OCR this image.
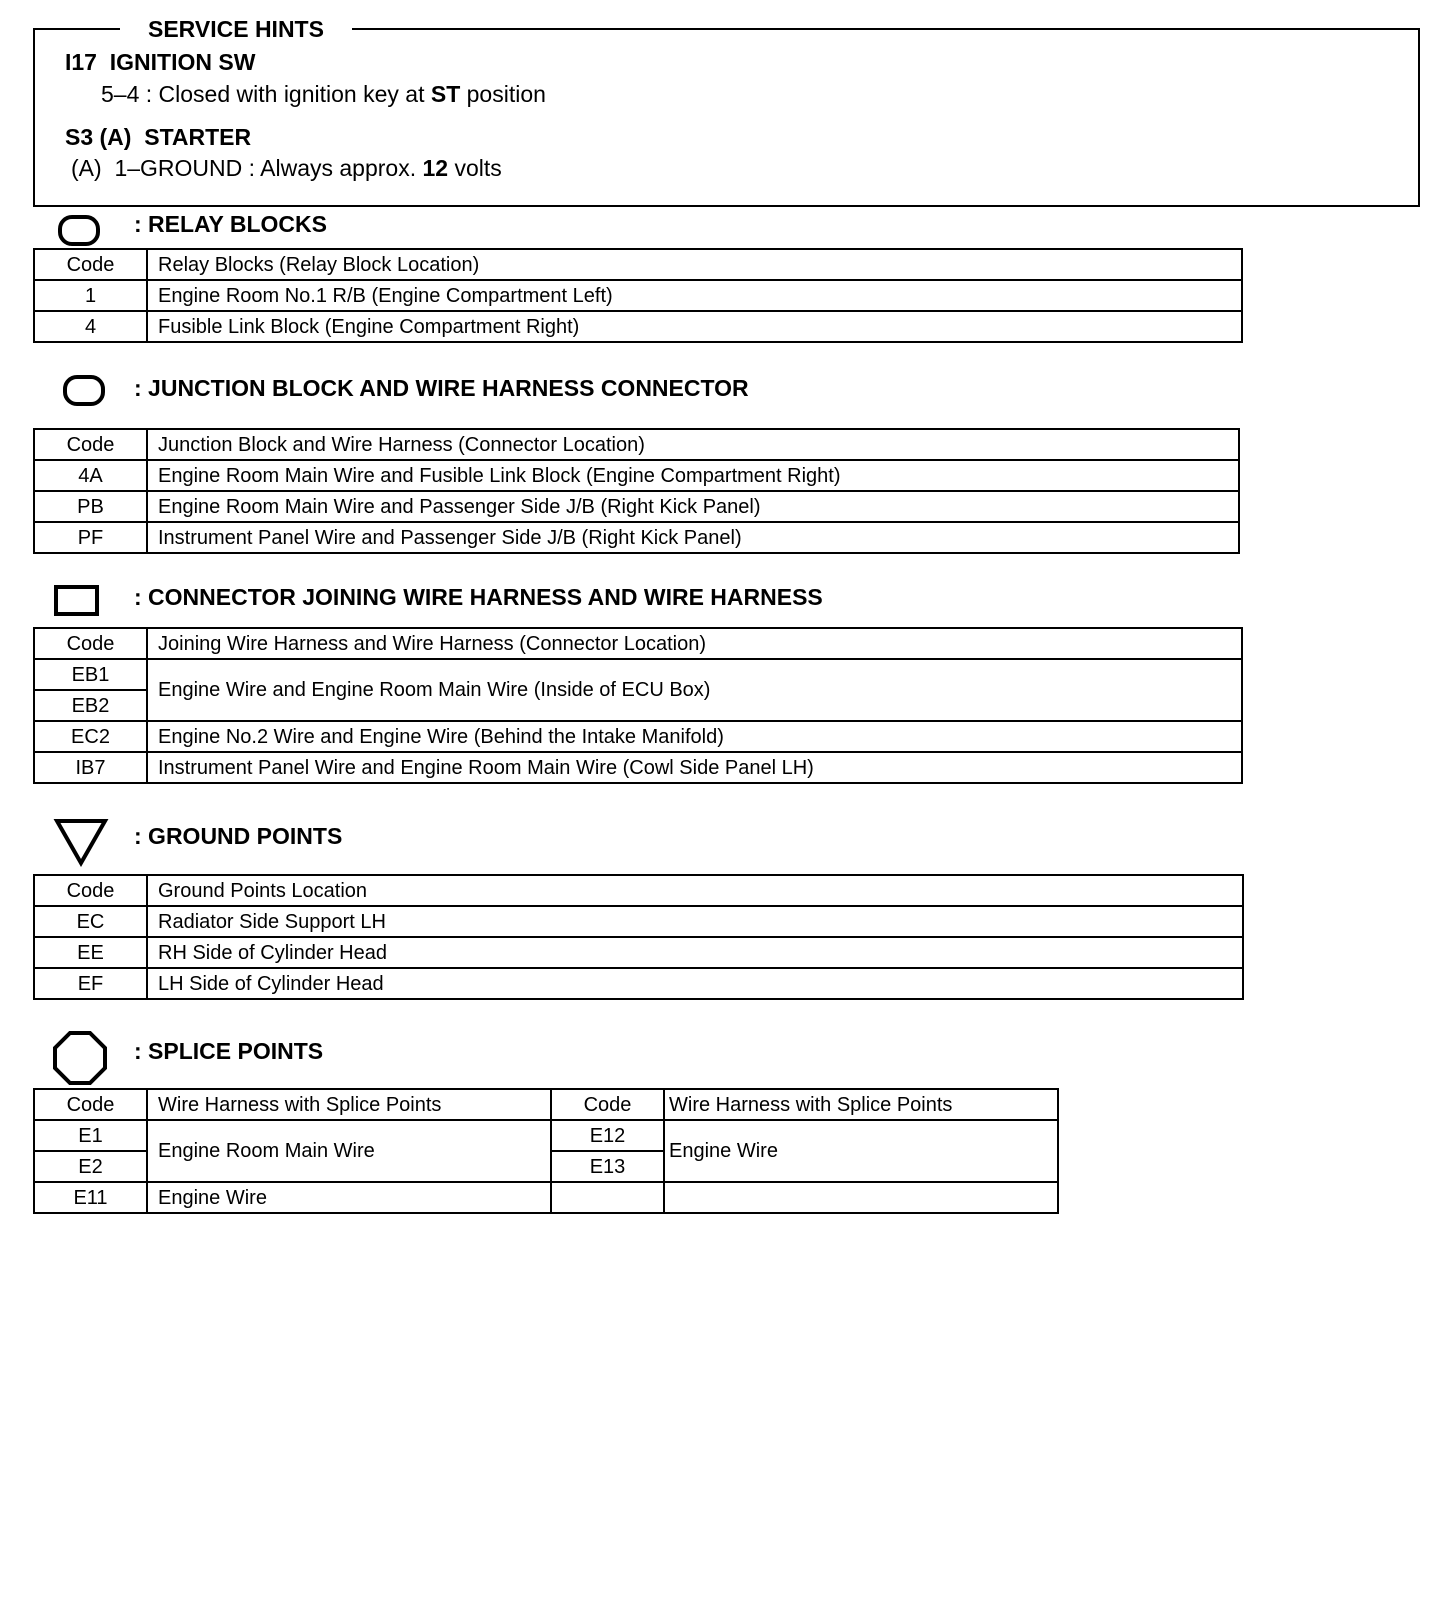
SERVICE HINTS
I17  IGNITION SW
5–4 : Closed with ignition key at ST position
S3 (A)  STARTER
(A)  1–GROUND : Always approx. 12 volts
: RELAY BLOCKS
Code	Relay Blocks (Relay Block Location)
1	Engine Room No.1 R/B (Engine Compartment Left)
4	Fusible Link Block (Engine Compartment Right)
: JUNCTION BLOCK AND WIRE HARNESS CONNECTOR
Code	Junction Block and Wire Harness (Connector Location)
4A	Engine Room Main Wire and Fusible Link Block (Engine Compartment Right)
PB	Engine Room Main Wire and Passenger Side J/B (Right Kick Panel)
PF	Instrument Panel Wire and Passenger Side J/B (Right Kick Panel)
: CONNECTOR JOINING WIRE HARNESS AND WIRE HARNESS
Code	Joining Wire Harness and Wire Harness (Connector Location)
EB1	Engine Wire and Engine Room Main Wire (Inside of ECU Box)
EB2	
EC2	Engine No.2 Wire and Engine Wire (Behind the Intake Manifold)
IB7	Instrument Panel Wire and Engine Room Main Wire (Cowl Side Panel LH)
: GROUND POINTS
Code	Ground Points Location
EC	Radiator Side Support LH
EE	RH Side of Cylinder Head
EF	LH Side of Cylinder Head
: SPLICE POINTS
Code	Wire Harness with Splice Points	Code	Wire Harness with Splice Points
E1	Engine Room Main Wire	E12	Engine Wire
E2		E13	
E11	Engine Wire		
